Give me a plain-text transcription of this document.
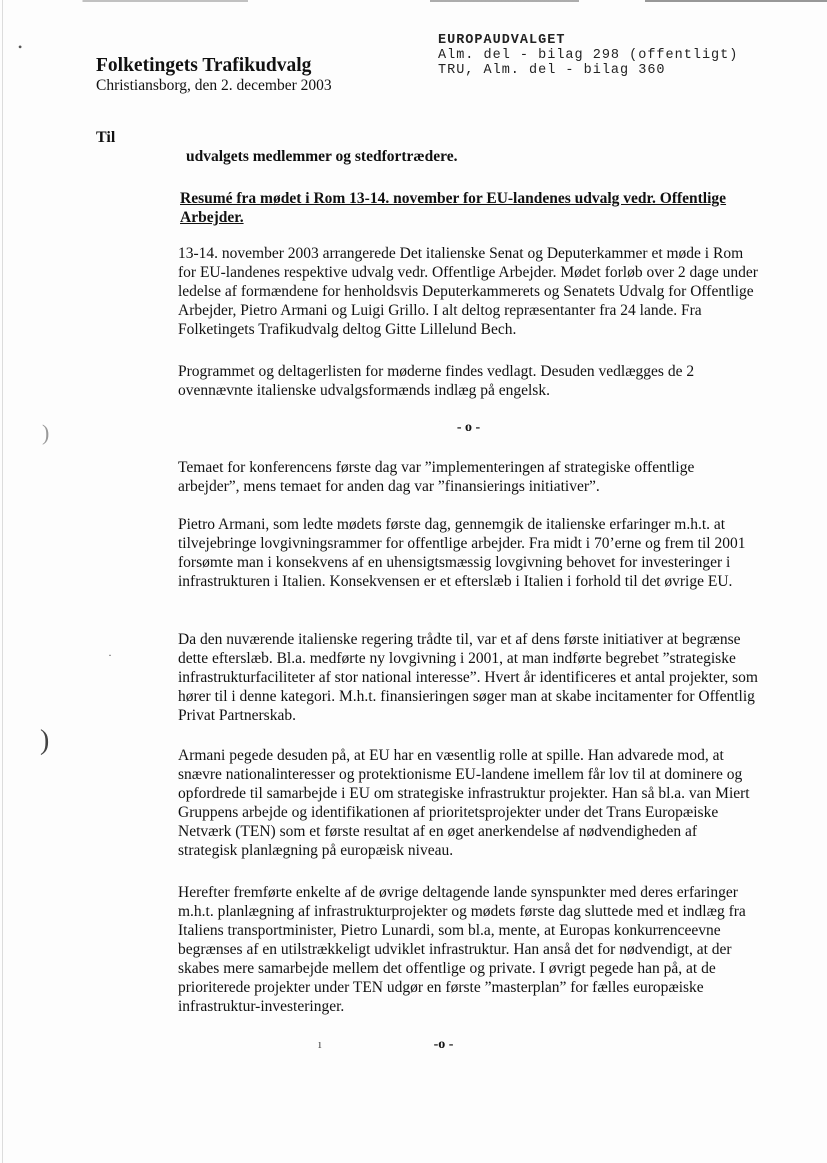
EUROPAUDVALGET
Alm. del - bilag 298 (offentligt)
TRU, Alm. del - bilag 360
Folketingets Trafikudvalg
Christiansborg, den 2. december 2003
Til
udvalgets medlemmer og stedfortrædere.
Resumé fra mødet i Rom 13-14. november for EU-landenes udvalg vedr. Offentlige Arbejder.

13-14. november 2003 arrangerede Det italienske Senat og Deputerkammer et møde i Rom for EU-landenes respektive udvalg vedr. Offentlige Arbejder. Mødet forløb over 2 dage under ledelse af formændene for henholdsvis Deputerkammerets og Senatets Udvalg for Offentlige Arbejder, Pietro Armani og Luigi Grillo. I alt deltog repræsentanter fra 24 lande. Fra Folketingets Trafikudvalg deltog Gitte Lillelund Bech.

Programmet og deltagerlisten for møderne findes vedlagt. Desuden vedlægges de 2 ovennævnte italienske udvalgsformænds indlæg på engelsk.

- o -

Temaet for konferencens første dag var ”implementeringen af strategiske offentlige arbejder”, mens temaet for anden dag var ”finansierings initiativer”.

Pietro Armani, som ledte mødets første dag, gennemgik de italienske erfaringer m.h.t. at tilvejebringe lovgivningsrammer for offentlige arbejder. Fra midt i 70’erne og frem til 2001 forsømte man i konsekvens af en uhensigtsmæssig lovgivning behovet for investeringer i infrastrukturen i Italien. Konsekvensen er et efterslæb i Italien i forhold til det øvrige EU.

Da den nuværende italienske regering trådte til, var et af dens første initiativer at begrænse dette efterslæb. Bl.a. medførte ny lovgivning i 2001, at man indførte begrebet ”strategiske infrastrukturfaciliteter af stor national interesse”. Hvert år identificeres et antal projekter, som hører til i denne kategori. M.h.t. finansieringen søger man at skabe incitamenter for Offentlig Privat Partnerskab.

Armani pegede desuden på, at EU har en væsentlig rolle at spille. Han advarede mod, at snævre nationalinteresser og protektionisme EU-landene imellem får lov til at dominere og opfordrede til samarbejde i EU om strategiske infrastruktur projekter. Han så bl.a. van Miert Gruppens arbejde og identifikationen af prioritetsprojekter under det Trans Europæiske Netværk (TEN) som et første resultat af en øget anerkendelse af nødvendigheden af strategisk planlægning på europæisk niveau.

Herefter fremførte enkelte af de øvrige deltagende lande synspunkter med deres erfaringer m.h.t. planlægning af infrastrukturprojekter og mødets første dag sluttede med et indlæg fra Italiens transportminister, Pietro Lunardi, som bl.a, mente, at Europas konkurrenceevne begrænses af en utilstrækkeligt udviklet infrastruktur. Han anså det for nødvendigt, at der skabes mere samarbejde mellem det offentlige og private. I øvrigt pegede han på, at de prioriterede projekter under TEN udgør en første ”masterplan” for fælles europæiske infrastruktur-investeringer.

-o -
•
)
)
·
ı
